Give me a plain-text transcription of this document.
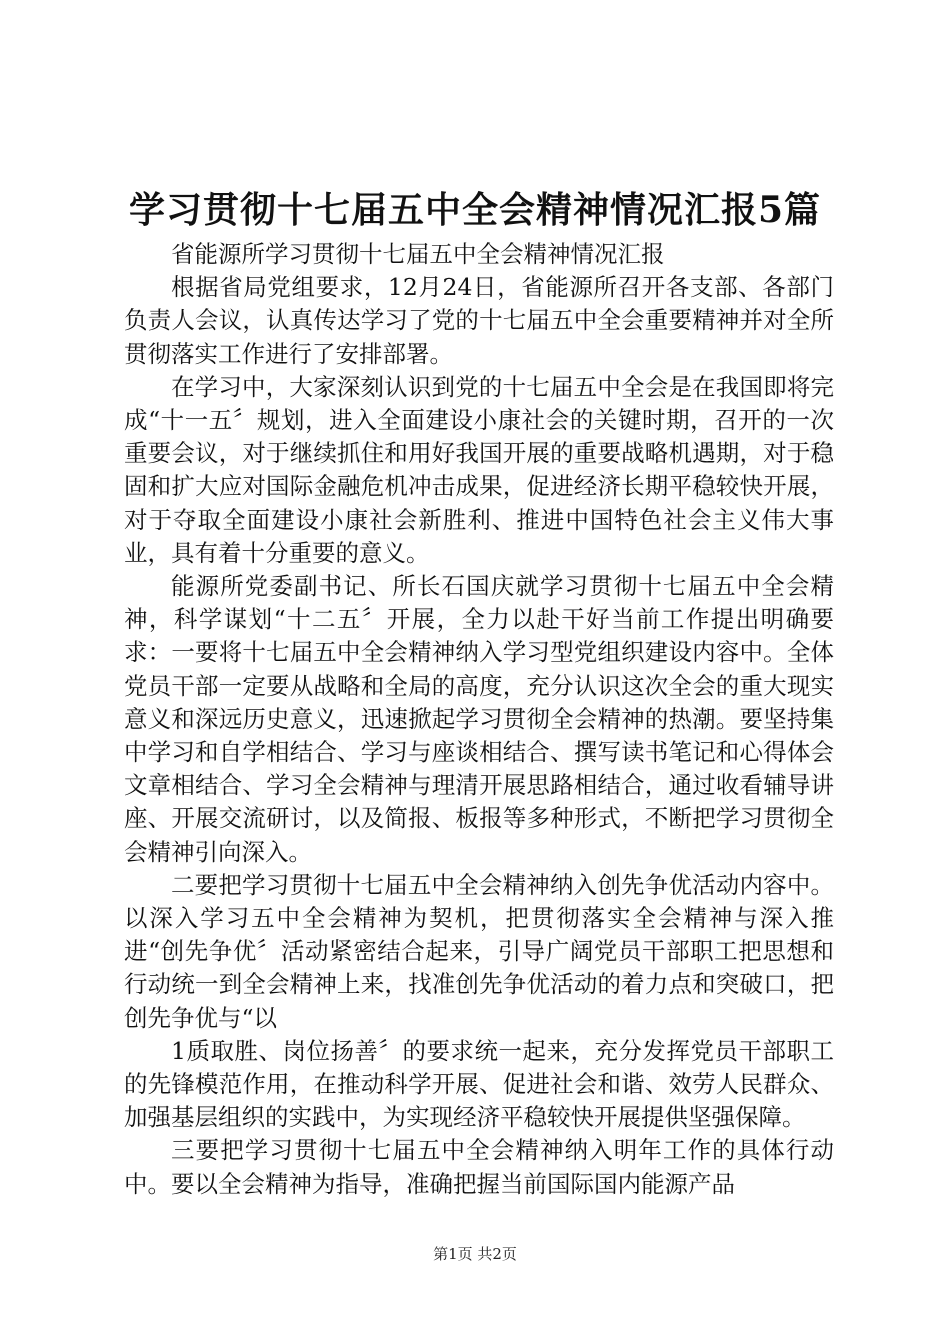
学习贯彻十七届五中全会精神情况汇报5篇

省能源所学习贯彻十七届五中全会精神情况汇报

根据省局党组要求，12月24日，省能源所召开各支部、各部门负责人会议，认真传达学习了党的十七届五中全会重要精神并对全所贯彻落实工作进行了安排部署。

在学习中，大家深刻认识到党的十七届五中全会是在我国即将完成“十一五〞规划，进入全面建设小康社会的关键时期，召开的一次重要会议，对于继续抓住和用好我国开展的重要战略机遇期，对于稳固和扩大应对国际金融危机冲击成果，促进经济长期平稳较快开展，对于夺取全面建设小康社会新胜利、推进中国特色社会主义伟大事业，具有着十分重要的意义。

能源所党委副书记、所长石国庆就学习贯彻十七届五中全会精神，科学谋划“十二五〞开展，全力以赴干好当前工作提出明确要求：一要将十七届五中全会精神纳入学习型党组织建设内容中。全体党员干部一定要从战略和全局的高度，充分认识这次全会的重大现实意义和深远历史意义，迅速掀起学习贯彻全会精神的热潮。要坚持集中学习和自学相结合、学习与座谈相结合、撰写读书笔记和心得体会文章相结合、学习全会精神与理清开展思路相结合，通过收看辅导讲座、开展交流研讨，以及简报、板报等多种形式，不断把学习贯彻全会精神引向深入。

二要把学习贯彻十七届五中全会精神纳入创先争优活动内容中。以深入学习五中全会精神为契机，把贯彻落实全会精神与深入推进“创先争优〞活动紧密结合起来，引导广阔党员干部职工把思想和行动统一到全会精神上来，找准创先争优活动的着力点和突破口，把创先争优与“以

1质取胜、岗位扬善〞的要求统一起来，充分发挥党员干部职工的先锋模范作用，在推动科学开展、促进社会和谐、效劳人民群众、加强基层组织的实践中，为实现经济平稳较快开展提供坚强保障。

三要把学习贯彻十七届五中全会精神纳入明年工作的具体行动中。要以全会精神为指导，准确把握当前国际国内能源产品

第1页 共2页
